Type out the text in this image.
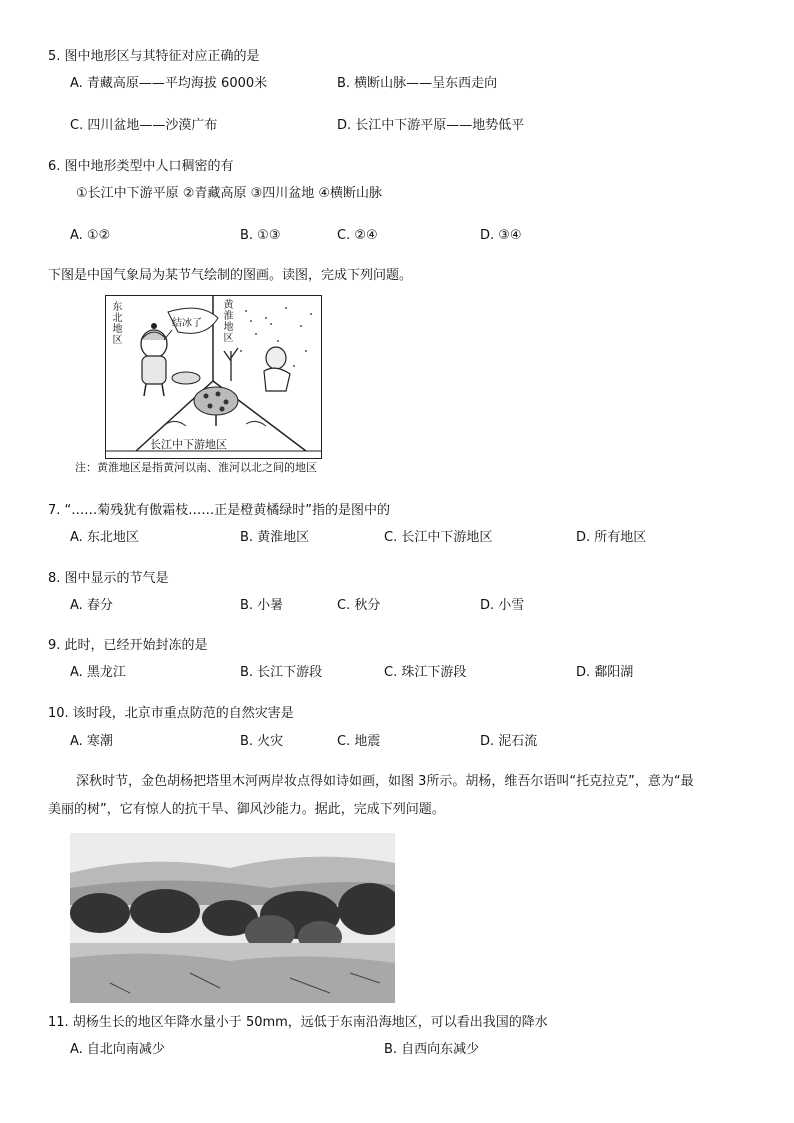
5. 图中地形区与其特征对应正确的是
A. 青藏高原——平均海拔 6000米	B. 横断山脉——呈东西走向
C. 四川盆地——沙漠广布	D. 长江中下游平原——地势低平
6. 图中地形类型中人口稠密的有
①长江中下游平原 ②青藏高原 ③四川盆地 ④横断山脉
A. ①②	B. ①③	C. ②④	D. ③④
下图是中国气象局为某节气绘制的图画。读图，完成下列问题。
东北地区
黄淮地区
结冰了
长江中下游地区
注：黄淮地区是指黄河以南、淮河以北之间的地区
7. “……菊残犹有傲霜枝……正是橙黄橘绿时”指的是图中的
A. 东北地区	B. 黄淮地区	C. 长江中下游地区	D. 所有地区
8. 图中显示的节气是
A. 春分	B. 小暑	C. 秋分	D. 小雪
9. 此时，已经开始封冻的是
A. 黑龙江	B. 长江下游段	C. 珠江下游段	D. 鄱阳湖
10. 该时段，北京市重点防范的自然灾害是
A. 寒潮	B. 火灾	C. 地震	D. 泥石流
深秋时节，金色胡杨把塔里木河两岸妆点得如诗如画，如图 3所示。胡杨，维吾尔语叫“托克拉克”，意为“最
美丽的树”，它有惊人的抗干旱、御风沙能力。据此，完成下列问题。
11. 胡杨生长的地区年降水量小于 50mm，远低于东南沿海地区，可以看出我国的降水
A. 自北向南减少	B. 自西向东减少
